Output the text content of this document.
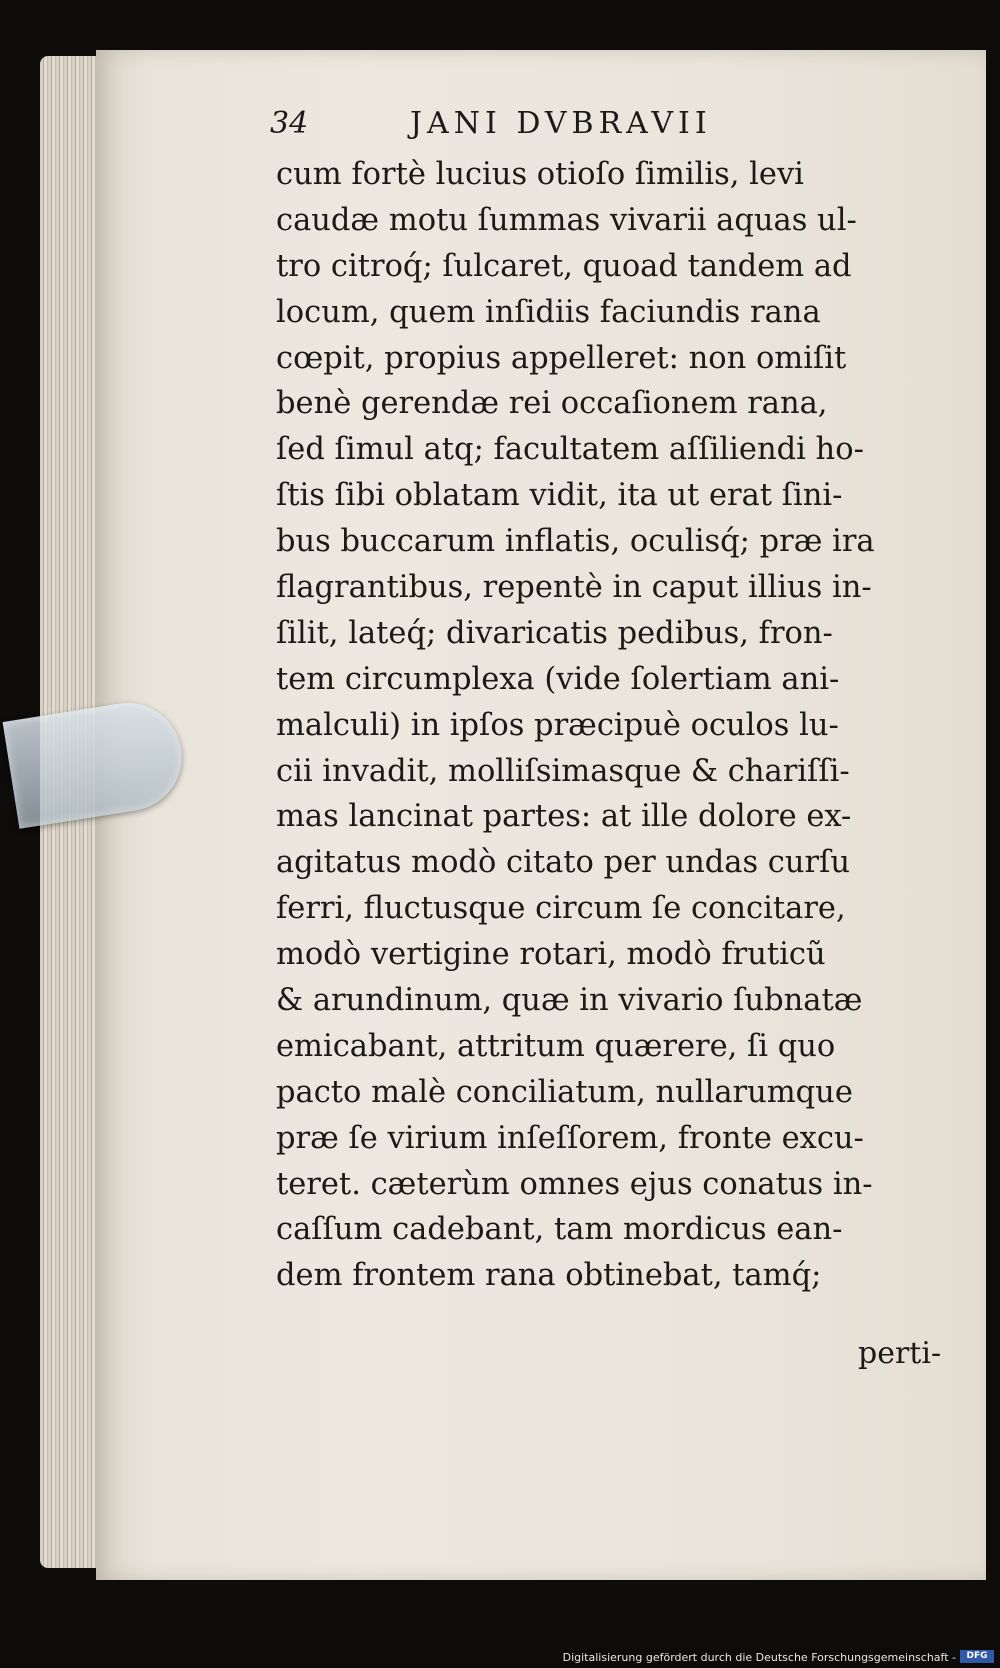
34	JANI DVBRAVII
cum fortè lucius otioſo ſimilis, levi
caudæ motu ſummas vivarii aquas ul-
tro citroq́; ſulcaret, quoad tandem ad
locum, quem inſidiis faciundis rana
cœpit, propius appelleret: non omiſit
benè gerendæ rei occaſionem rana,
ſed ſimul atq; facultatem aſſiliendi ho-
ſtis ſibi oblatam vidit, ita ut erat ſini-
bus buccarum inflatis, oculisq́; præ ira
flagrantibus, repentè in caput illius in-
ſilit, lateq́; divaricatis pedibus, fron-
tem circumplexa (vide ſolertiam ani-
malculi) in ipſos præcipuè oculos lu-
cii invadit, molliſsimasque & chariſſi-
mas lancinat partes: at ille dolore ex-
agitatus modò citato per undas curſu
ferri, fluctusque circum ſe concitare,
modò vertigine rotari, modò fruticũ
& arundinum, quæ in vivario ſubnatæ
emicabant, attritum quærere, ſi quo
pacto malè conciliatum, nullarumque
præ ſe virium inſeſſorem, fronte excu-
teret. cæterùm omnes ejus conatus in-
caſſum cadebant, tam mordicus ean-
dem frontem rana obtinebat, tamq́;
perti-
Digitalisierung gefördert durch die Deutsche Forschungsgemeinschaft -	DFG
